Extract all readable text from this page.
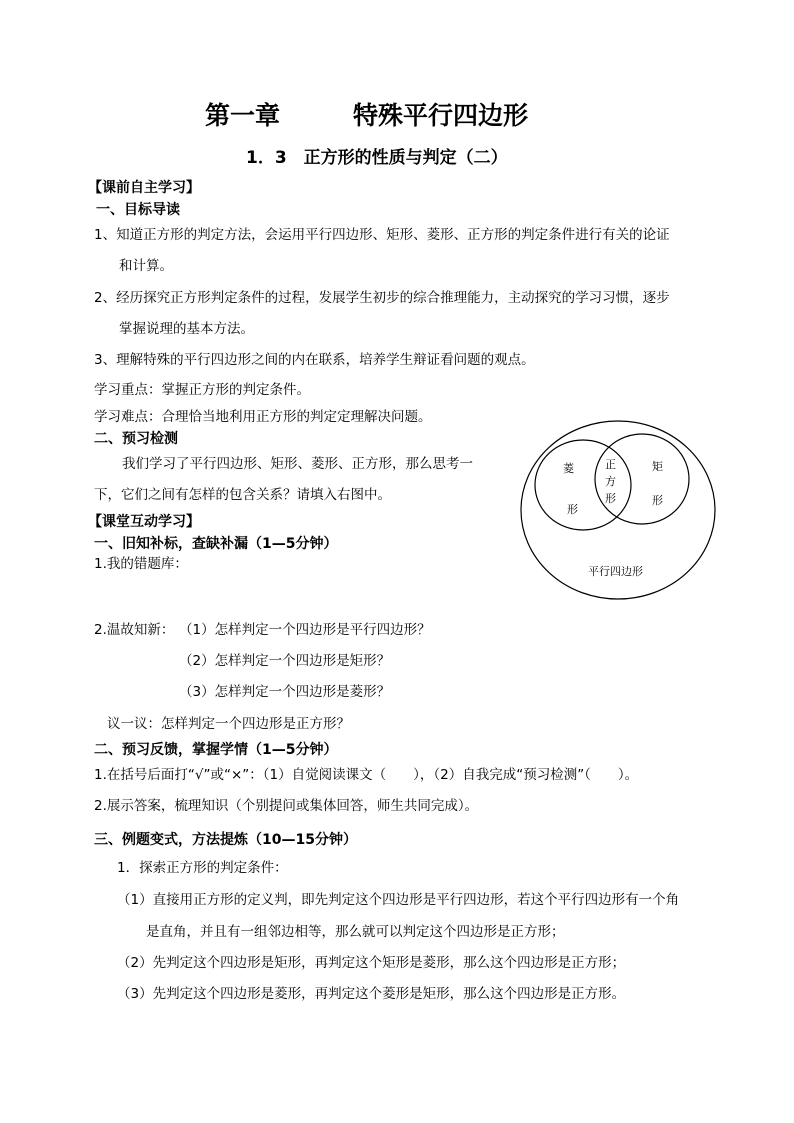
第一章	特殊平行四边形
1．3　正方形的性质与判定（二）
【课前自主学习】
一、目标导读
1、知道正方形的判定方法，会运用平行四边形、矩形、菱形、正方形的判定条件进行有关的论证
和计算。
2、经历探究正方形判定条件的过程，发展学生初步的综合推理能力，主动探究的学习习惯，逐步
掌握说理的基本方法。
3、理解特殊的平行四边形之间的内在联系，培养学生辩证看问题的观点。
学习重点：掌握正方形的判定条件。
学习难点：合理恰当地利用正方形的判定定理解决问题。
二、预习检测
我们学习了平行四边形、矩形、菱形、正方形，那么思考一
下，它们之间有怎样的包含关系？请填入右图中。
菱
形
正
方
形
矩
形
平行四边形
【课堂互动学习】
一、旧知补标，查缺补漏（1—5分钟）
1.我的错题库：
2.温故知新： （1）怎样判定一个四边形是平行四边形？
（2）怎样判定一个四边形是矩形？
（3）怎样判定一个四边形是菱形？
议一议：怎样判定一个四边形是正方形？
二、预习反馈，掌握学情（1—5分钟）
1.在括号后面打“√”或“×”：（1）自觉阅读课文（　　），（2）自我完成“预习检测”（　　）。
2.展示答案，梳理知识（个别提问或集体回答，师生共同完成）。
三、例题变式，方法提炼（10—15分钟）
1．探索正方形的判定条件：
（1）直接用正方形的定义判，即先判定这个四边形是平行四边形，若这个平行四边形有一个角
是直角，并且有一组邻边相等，那么就可以判定这个四边形是正方形；
（2）先判定这个四边形是矩形，再判定这个矩形是菱形，那么这个四边形是正方形；
（3）先判定这个四边形是菱形，再判定这个菱形是矩形，那么这个四边形是正方形。
